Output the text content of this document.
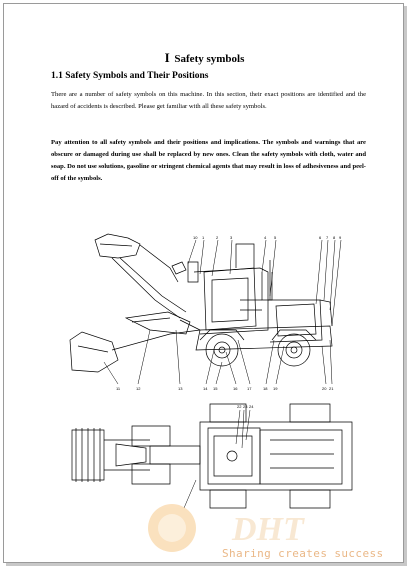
I Safety symbols
1.1 Safety Symbols and Their Positions
There are a number of safety symbols on this machine. In this section, their exact positions are identified and the hazard of accidents is described. Please get familiar with all these safety symbols.
Pay attention to all safety symbols and their positions and implications. The symbols and warnings that are obscure or damaged during use shall be replaced by new ones. Clean the safety symbols with cloth, water and soap. Do not use solutions, gasoline or stringent chemical agents that may result in loss of adhesiveness and peel-off of the symbols.
1	2	3	4 5	6 7 8 9
10
11	12	13	14 15	16 17	18 19	20 21
22 23 24
DHT
Sharing creates success
